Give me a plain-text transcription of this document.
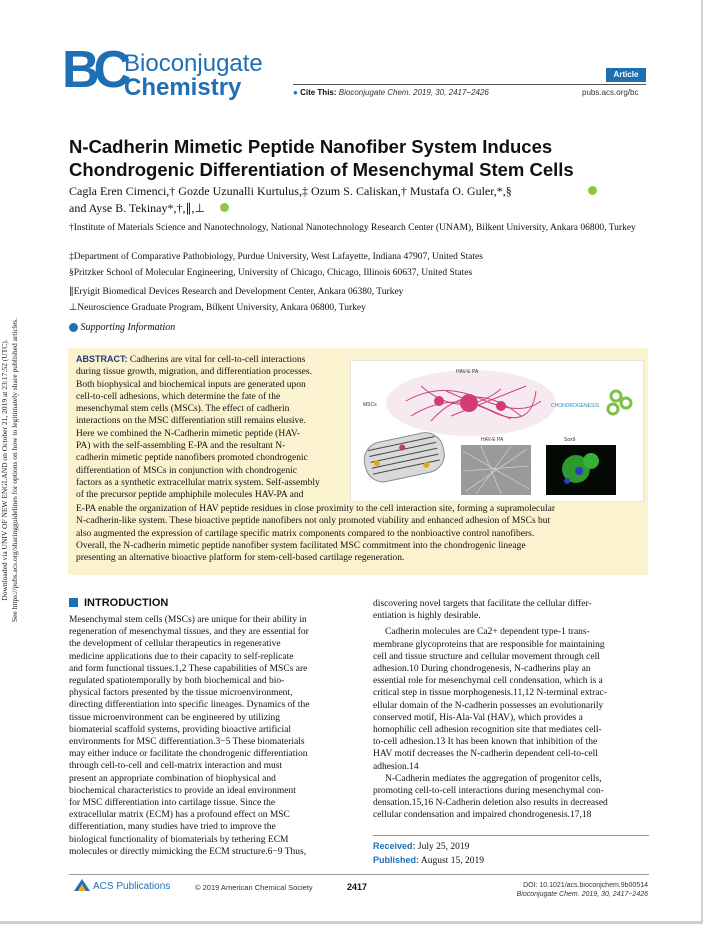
Downloaded via UNIV OF NEW ENGLAND on October 21, 2019 at 23:17:52 (UTC). See https://pubs.acs.org/sharingguidelines for options on how to legitimately share published articles.
BC
Bioconjugate
Chemistry	Article
● Cite This: Bioconjugate Chem. 2019, 30, 2417−2426	pubs.acs.org/bc
N-Cadherin Mimetic Peptide Nanofiber System Induces Chondrogenic Differentiation of Mesenchymal Stem Cells
Cagla Eren Cimenci,† Gozde Uzunalli Kurtulus,‡ Ozum S. Caliskan,† Mustafa O. Guler,*,§
and Ayse B. Tekinay*,†,∥,⊥
†Institute of Materials Science and Nanotechnology, National Nanotechnology Research Center (UNAM), Bilkent University, Ankara 06800, Turkey
‡Department of Comparative Pathobiology, Purdue University, West Lafayette, Indiana 47907, United States
§Pritzker School of Molecular Engineering, University of Chicago, Chicago, Illinois 60637, United States
∥Eryigit Biomedical Devices Research and Development Center, Ankara 06380, Turkey
⊥Neuroscience Graduate Program, Bilkent University, Ankara 06800, Turkey
Supporting Information
ABSTRACT: Cadherins are vital for cell-to-cell interactions
during tissue growth, migration, and differentiation processes.
Both biophysical and biochemical inputs are generated upon
cell-to-cell adhesions, which determine the fate of the
mesenchymal stem cells (MSCs). The effect of cadherin
interactions on the MSC differentiation still remains elusive.
Here we combined the N-Cadherin mimetic peptide (HAV-
PA) with the self-assembling E-PA and the resultant N-
cadherin mimetic peptide nanofibers promoted chondrogenic
differentiation of MSCs in conjunction with chondrogenic
factors as a synthetic extracellular matrix system. Self-assembly
of the precursor peptide amphiphile molecules HAV-PA and
E-PA enable the organization of HAV peptide residues in close proximity to the cell interaction site, forming a supramolecular
N-cadherin-like system. These bioactive peptide nanofibers not only promoted viability and enhanced adhesion of MSCs but
also augmented the expression of cartilage specific matrix components compared to the nonbioactive control nanofibers.
Overall, the N-cadherin mimetic peptide nanofiber system facilitated MSC commitment into the chondrogenic lineage
presenting an alternative bioactive platform for stem-cell-based cartilage regeneration.
HAV-E PA
MSCs	CHONDROGENESIS
HAV-E PA	Sox9
INTRODUCTION
Mesenchymal stem cells (MSCs) are unique for their ability in
regeneration of mesenchymal tissues, and they are essential for
the development of cellular therapeutics in regenerative
medicine applications due to their capacity to self-replicate
and form functional tissues.1,2 These capabilities of MSCs are
regulated spatiotemporally by both biochemical and bio-
physical factors presented by the tissue microenvironment,
directing differentiation into specific lineages. Dynamics of the
tissue microenvironment can be engineered by utilizing
biomaterial scaffold systems, providing bioactive artificial
environments for MSC differentiation.3−5 These biomaterials
may either induce or facilitate the chondrogenic differentiation
through cell-to-cell and cell-matrix interaction and must
present an appropriate combination of biophysical and
biochemical characteristics to provide an ideal environment
for MSC differentiation into cartilage tissue. Since the
extracellular matrix (ECM) has a profound effect on MSC
differentiation, many studies have tried to improve the
biological functionality of biomaterials by tethering ECM
molecules or directly mimicking the ECM structure.6−9 Thus,
discovering novel targets that facilitate the cellular differ-
entiation is highly desirable.
Cadherin molecules are Ca2+ dependent type-1 trans-
membrane glycoproteins that are responsible for maintaining
cell and tissue structure and cellular movement through cell
adhesion.10 During chondrogenesis, N-cadherins play an
essential role for mesenchymal cell condensation, which is a
critical step in tissue morphogenesis.11,12 N-terminal extrac-
ellular domain of the N-cadherin possesses an evolutionarily
conserved motif, His-Ala-Val (HAV), which provides a
homophilic cell adhesion recognition site that mediates cell-
to-cell adhesion.13 It has been known that inhibition of the
HAV motif decreases the N-cadherin dependent cell-to-cell
adhesion.14
N-Cadherin mediates the aggregation of progenitor cells,
promoting cell-to-cell interactions during mesenchymal con-
densation.15,16 N-Cadherin deletion also results in decreased
cellular condensation and impaired chondrogenesis.17,18
Received: July 25, 2019
Published: August 15, 2019
ACS Publications	© 2019 American Chemical Society	2417	DOI: 10.1021/acs.bioconjchem.9b00514
Bioconjugate Chem. 2019, 30, 2417−2426
